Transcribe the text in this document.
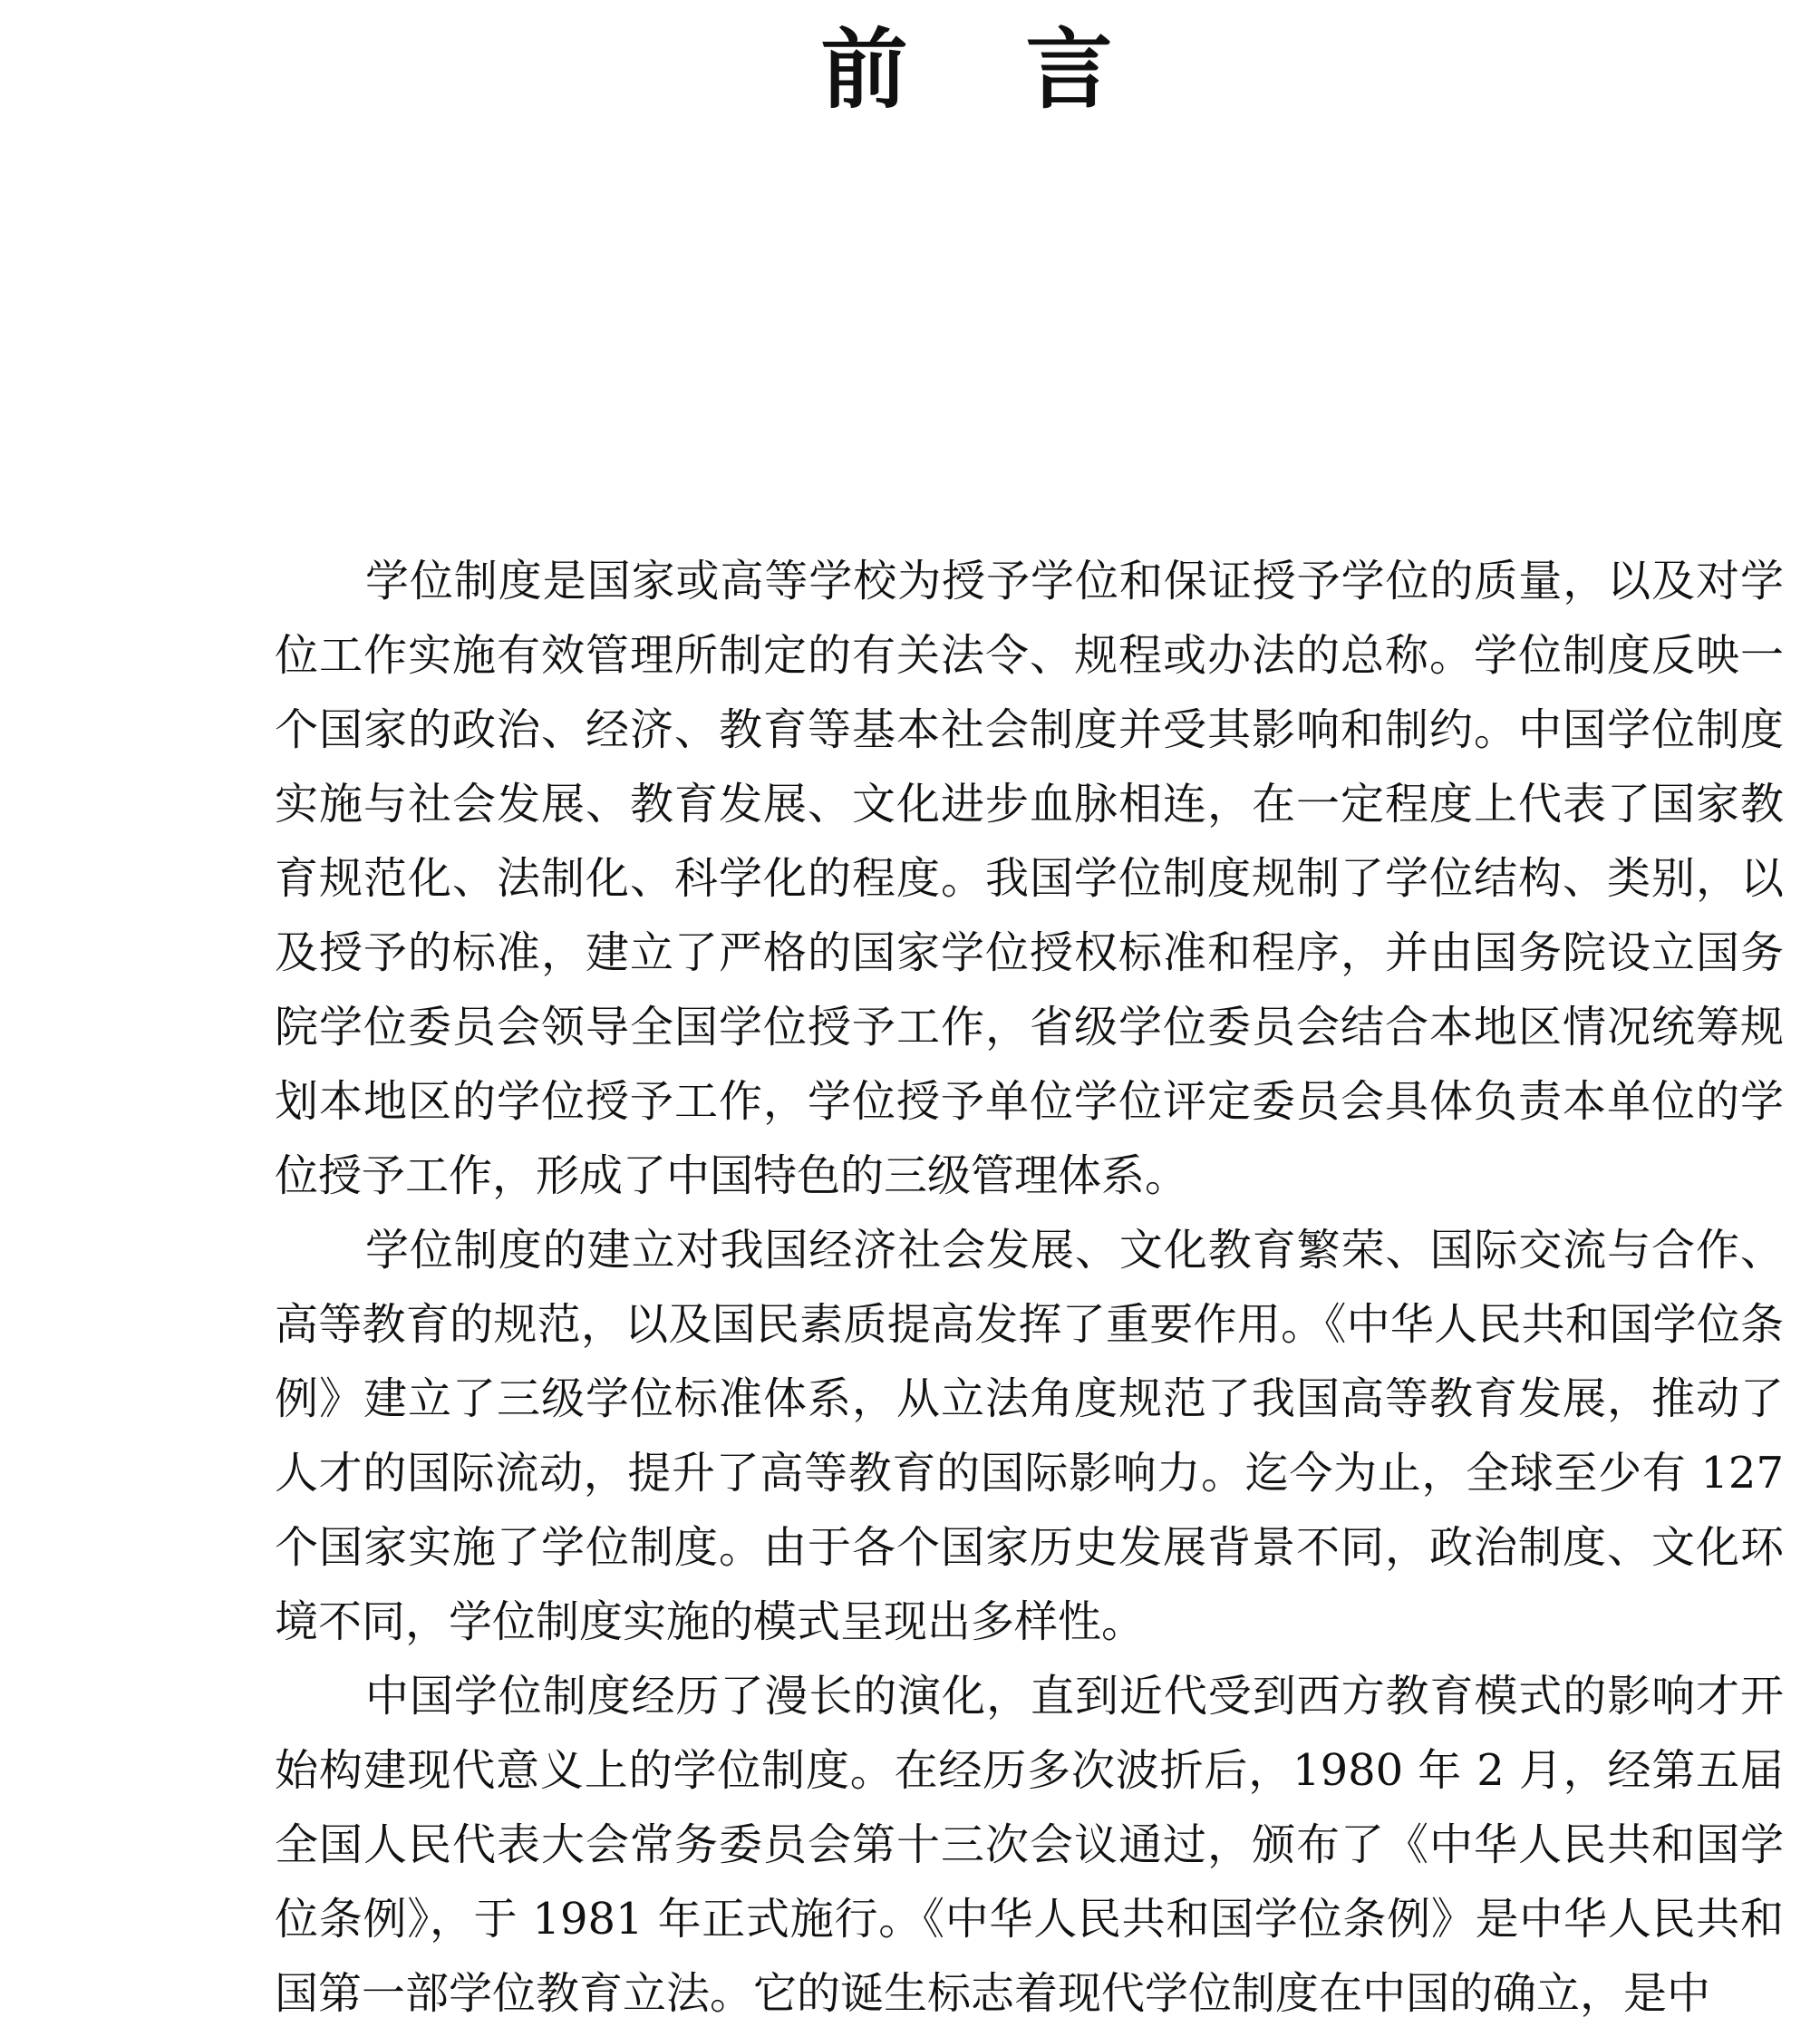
前 言

学位制度是国家或高等学校为授予学位和保证授予学位的质量，以及对学位工作实施有效管理所制定的有关法令、规程或办法的总称。学位制度反映一个国家的政治、经济、教育等基本社会制度并受其影响和制约。中国学位制度实施与社会发展、教育发展、文化进步血脉相连，在一定程度上代表了国家教育规范化、法制化、科学化的程度。我国学位制度规制了学位结构、类别，以及授予的标准，建立了严格的国家学位授权标准和程序，并由国务院设立国务院学位委员会领导全国学位授予工作，省级学位委员会结合本地区情况统筹规划本地区的学位授予工作，学位授予单位学位评定委员会具体负责本单位的学位授予工作，形成了中国特色的三级管理体系。

学位制度的建立对我国经济社会发展、文化教育繁荣、国际交流与合作、高等教育的规范，以及国民素质提高发挥了重要作用。《中华人民共和国学位条例》建立了三级学位标准体系，从立法角度规范了我国高等教育发展，推动了人才的国际流动，提升了高等教育的国际影响力。迄今为止，全球至少有 127 个国家实施了学位制度。由于各个国家历史发展背景不同，政治制度、文化环境不同，学位制度实施的模式呈现出多样性。

中国学位制度经历了漫长的演化，直到近代受到西方教育模式的影响才开始构建现代意义上的学位制度。在经历多次波折后，1980 年 2 月，经第五届全国人民代表大会常务委员会第十三次会议通过，颁布了《中华人民共和国学位条例》，于 1981 年正式施行。《中华人民共和国学位条例》是中华人民共和国第一部学位教育立法。它的诞生标志着现代学位制度在中国的确立，是中
